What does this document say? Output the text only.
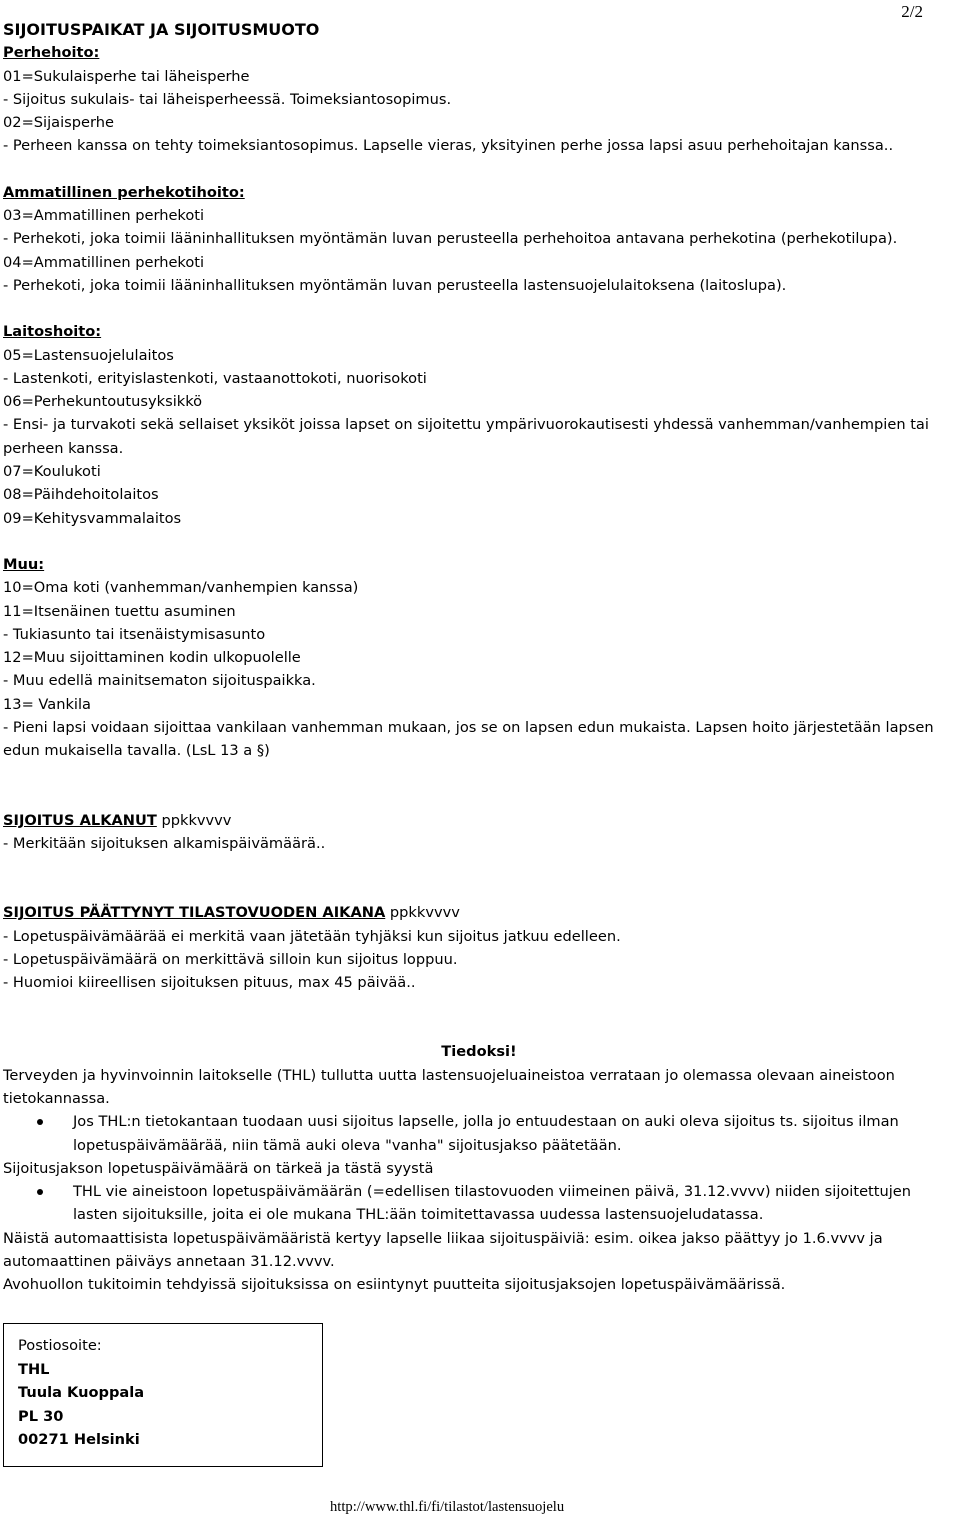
2/2
SIJOITUSPAIKAT JA SIJOITUSMUOTO
Perhehoito:
01=Sukulaisperhe tai läheisperhe
- Sijoitus sukulais- tai läheisperheessä. Toimeksiantosopimus.
02=Sijaisperhe
- Perheen kanssa on tehty toimeksiantosopimus. Lapselle vieras, yksityinen perhe jossa lapsi asuu perhehoitajan kanssa..
Ammatillinen perhekotihoito:
03=Ammatillinen perhekoti
- Perhekoti, joka toimii lääninhallituksen myöntämän luvan perusteella perhehoitoa antavana perhekotina (perhekotilupa).
04=Ammatillinen perhekoti
- Perhekoti, joka toimii lääninhallituksen myöntämän luvan perusteella lastensuojelulaitoksena (laitoslupa).
Laitoshoito:
05=Lastensuojelulaitos
- Lastenkoti, erityislastenkoti, vastaanottokoti, nuorisokoti
06=Perhekuntoutusyksikkö
- Ensi- ja turvakoti sekä sellaiset yksiköt joissa lapset on sijoitettu ympärivuorokautisesti yhdessä vanhemman/vanhempien tai perheen kanssa.
07=Koulukoti
08=Päihdehoitolaitos
09=Kehitysvammalaitos
Muu:
10=Oma koti (vanhemman/vanhempien kanssa)
11=Itsenäinen tuettu asuminen
- Tukiasunto tai itsenäistymisasunto
12=Muu sijoittaminen kodin ulkopuolelle
- Muu edellä mainitsematon sijoituspaikka.
13= Vankila
- Pieni lapsi voidaan sijoittaa vankilaan vanhemman mukaan, jos se on lapsen edun mukaista. Lapsen hoito järjestetään lapsen edun mukaisella tavalla. (LsL 13 a §)
SIJOITUS ALKANUT ppkkvvvv
- Merkitään sijoituksen alkamispäivämäärä..
SIJOITUS PÄÄTTYNYT TILASTOVUODEN AIKANA ppkkvvvv
- Lopetuspäivämäärää ei merkitä vaan jätetään tyhjäksi kun sijoitus jatkuu edelleen.
- Lopetuspäivämäärä on merkittävä silloin kun sijoitus loppuu.
- Huomioi kiireellisen sijoituksen pituus, max 45 päivää..
Tiedoksi!

Terveyden ja hyvinvoinnin laitokselle (THL) tullutta uutta lastensuojeluaineistoa verrataan jo olemassa olevaan aineistoon tietokannassa.

Jos THL:n tietokantaan tuodaan uusi sijoitus lapselle, jolla jo entuudestaan on auki oleva sijoitus ts. sijoitus ilman lopetuspäivämäärää, niin tämä auki oleva "vanha" sijoitusjakso päätetään.

Sijoitusjakson lopetuspäivämäärä on tärkeä ja tästä syystä

THL vie aineistoon lopetuspäivämäärän (=edellisen tilastovuoden viimeinen päivä, 31.12.vvvv) niiden sijoitettujen lasten sijoituksille, joita ei ole mukana THL:ään toimitettavassa uudessa lastensuojeludatassa.

Näistä automaattisista lopetuspäivämääristä kertyy lapselle liikaa sijoituspäiviä: esim. oikea jakso päättyy jo 1.6.vvvv ja automaattinen päiväys annetaan 31.12.vvvv.

Avohuollon tukitoimin tehdyissä sijoituksissa on esiintynyt puutteita sijoitusjaksojen lopetuspäivämäärissä.

Postiosoite:
THL
Tuula Kuoppala
PL 30
00271 Helsinki
http://www.thl.fi/fi/tilastot/lastensuojelu
